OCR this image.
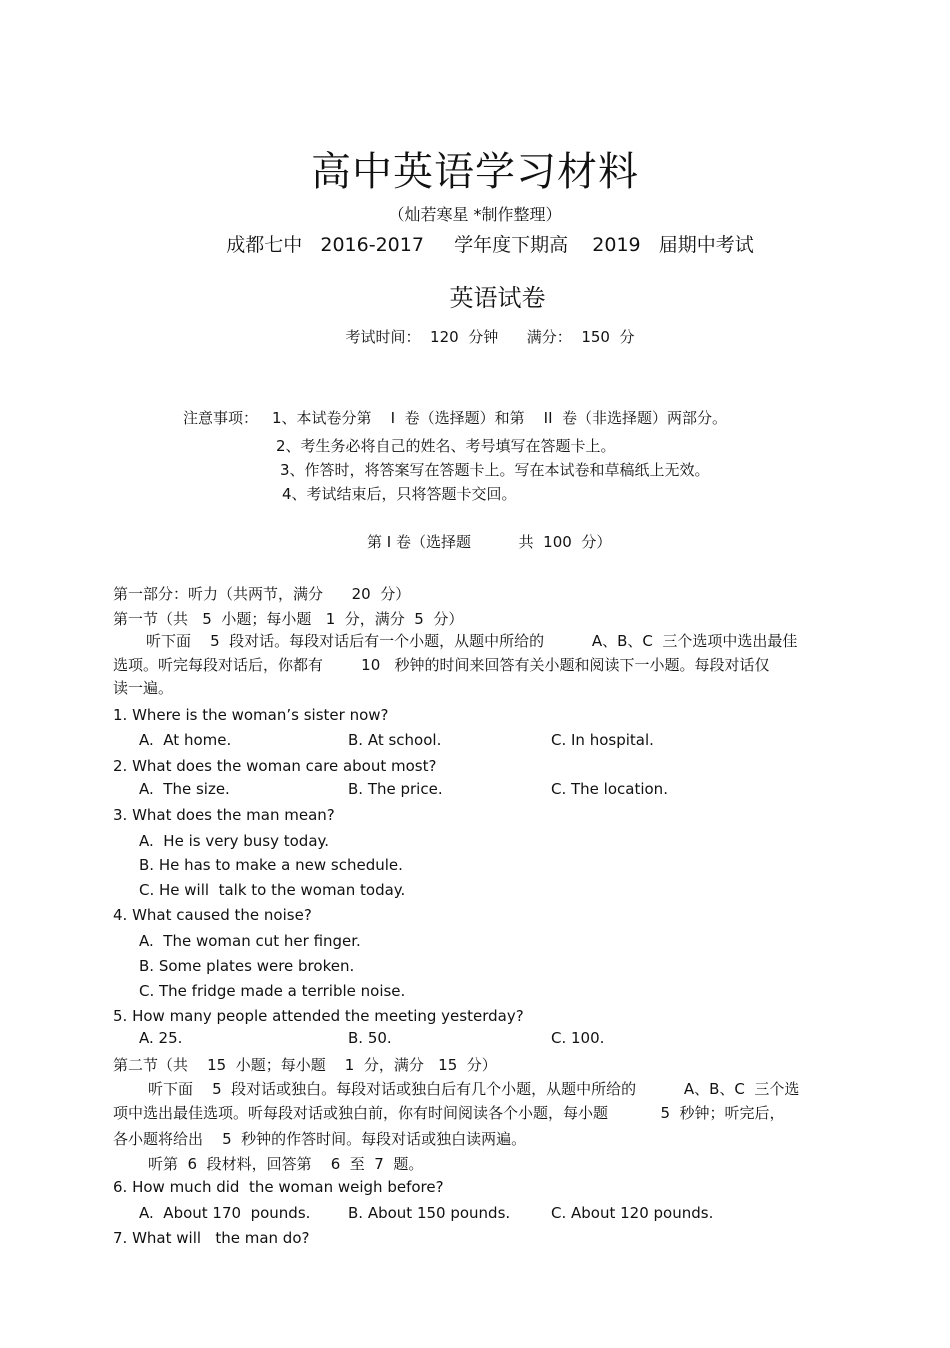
高中英语学习材料
（灿若寒星 *制作整理）
成都七中   2016-2017     学年度下期高    2019   届期中考试
英语试卷
考试时间：  120  分钟      满分：  150  分
注意事项： 1、本试卷分第    I  卷（选择题）和第    II  卷（非选择题）两部分。
2、考生务必将自己的姓名、考号填写在答题卡上。
3、作答时，将答案写在答题卡上。写在本试卷和草稿纸上无效。
4、考试结束后，只将答题卡交回。
第 I 卷（选择题          共  100  分）
第一部分：听力（共两节，满分      20  分）
第一节（共   5  小题；每小题   1  分，满分  5  分）
听下面    5  段对话。每段对话后有一个小题，从题中所给的          A、B、C  三个选项中选出最佳
选项。听完每段对话后，你都有        10   秒钟的时间来回答有关小题和阅读下一小题。每段对话仅
读一遍。
1. Where is the woman’s sister now?
A.  At home.	B. At school.	C. In hospital.
2. What does the woman care about most?
A.  The size.	B. The price.	C. The location.
3. What does the man mean?
A.  He is very busy today.
B. He has to make a new schedule.
C. He will  talk to the woman today.
4. What caused the noise?
A.  The woman cut her finger.
B. Some plates were broken.
C. The fridge made a terrible noise.
5. How many people attended the meeting yesterday?
A. 25.	B. 50.	C. 100.
第二节（共    15  小题；每小题    1  分，满分   15  分）
听下面    5  段对话或独白。每段对话或独白后有几个小题，从题中所给的          A、B、C  三个选
项中选出最佳选项。听每段对话或独白前，你有时间阅读各个小题，每小题           5  秒钟；听完后，
各小题将给出    5  秒钟的作答时间。每段对话或独白读两遍。
听第  6  段材料，回答第    6  至  7  题。
6. How much did  the woman weigh before?
A.  About 170  pounds.	B. About 150 pounds.	C. About 120 pounds.
7. What will   the man do?
